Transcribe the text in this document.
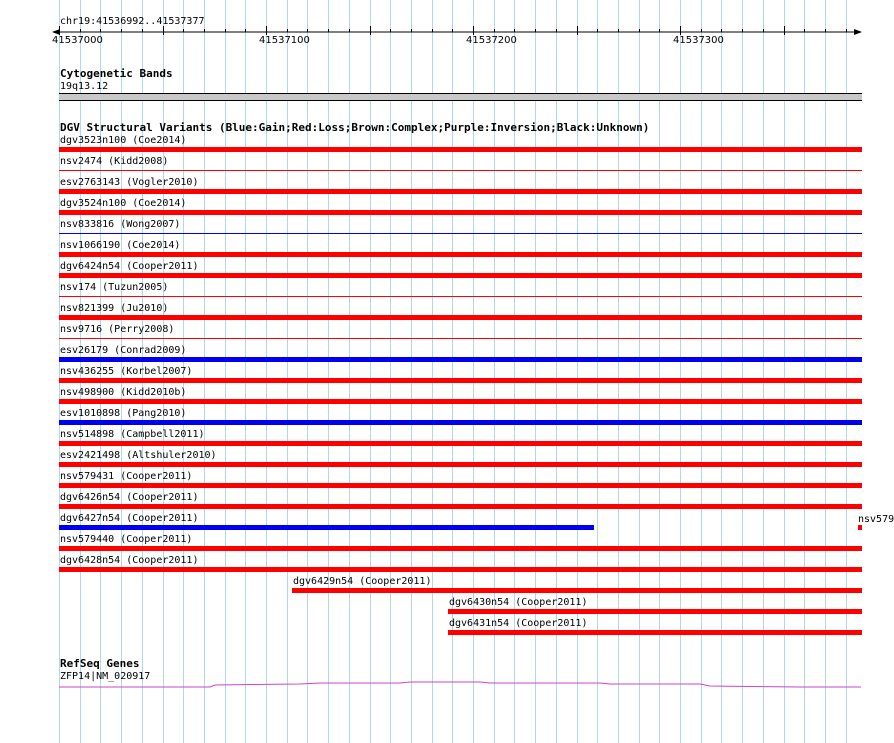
chr19:41536992..41537377
41537000	41537100	41537200	41537300
Cytogenetic Bands
19q13.12
DGV Structural Variants (Blue:Gain;Red:Loss;Brown:Complex;Purple:Inversion;Black:Unknown)
dgv3523n100 (Coe2014)
nsv2474 (Kidd2008)
esv2763143 (Vogler2010)
dgv3524n100 (Coe2014)
nsv833816 (Wong2007)
nsv1066190 (Coe2014)
dgv6424n54 (Cooper2011)
nsv174 (Tuzun2005)
nsv821399 (Ju2010)
nsv9716 (Perry2008)
esv26179 (Conrad2009)
nsv436255 (Korbel2007)
nsv498900 (Kidd2010b)
esv1010898 (Pang2010)
nsv514898 (Campbell2011)
esv2421498 (Altshuler2010)
nsv579431 (Cooper2011)
dgv6426n54 (Cooper2011)
dgv6427n54 (Cooper2011)
nsv579440 (Cooper2011)
dgv6428n54 (Cooper2011)
dgv6429n54 (Cooper2011)
dgv6430n54 (Cooper2011)
dgv6431n54 (Cooper2011)
nsv579
RefSeq Genes
ZFP14|NM_020917
